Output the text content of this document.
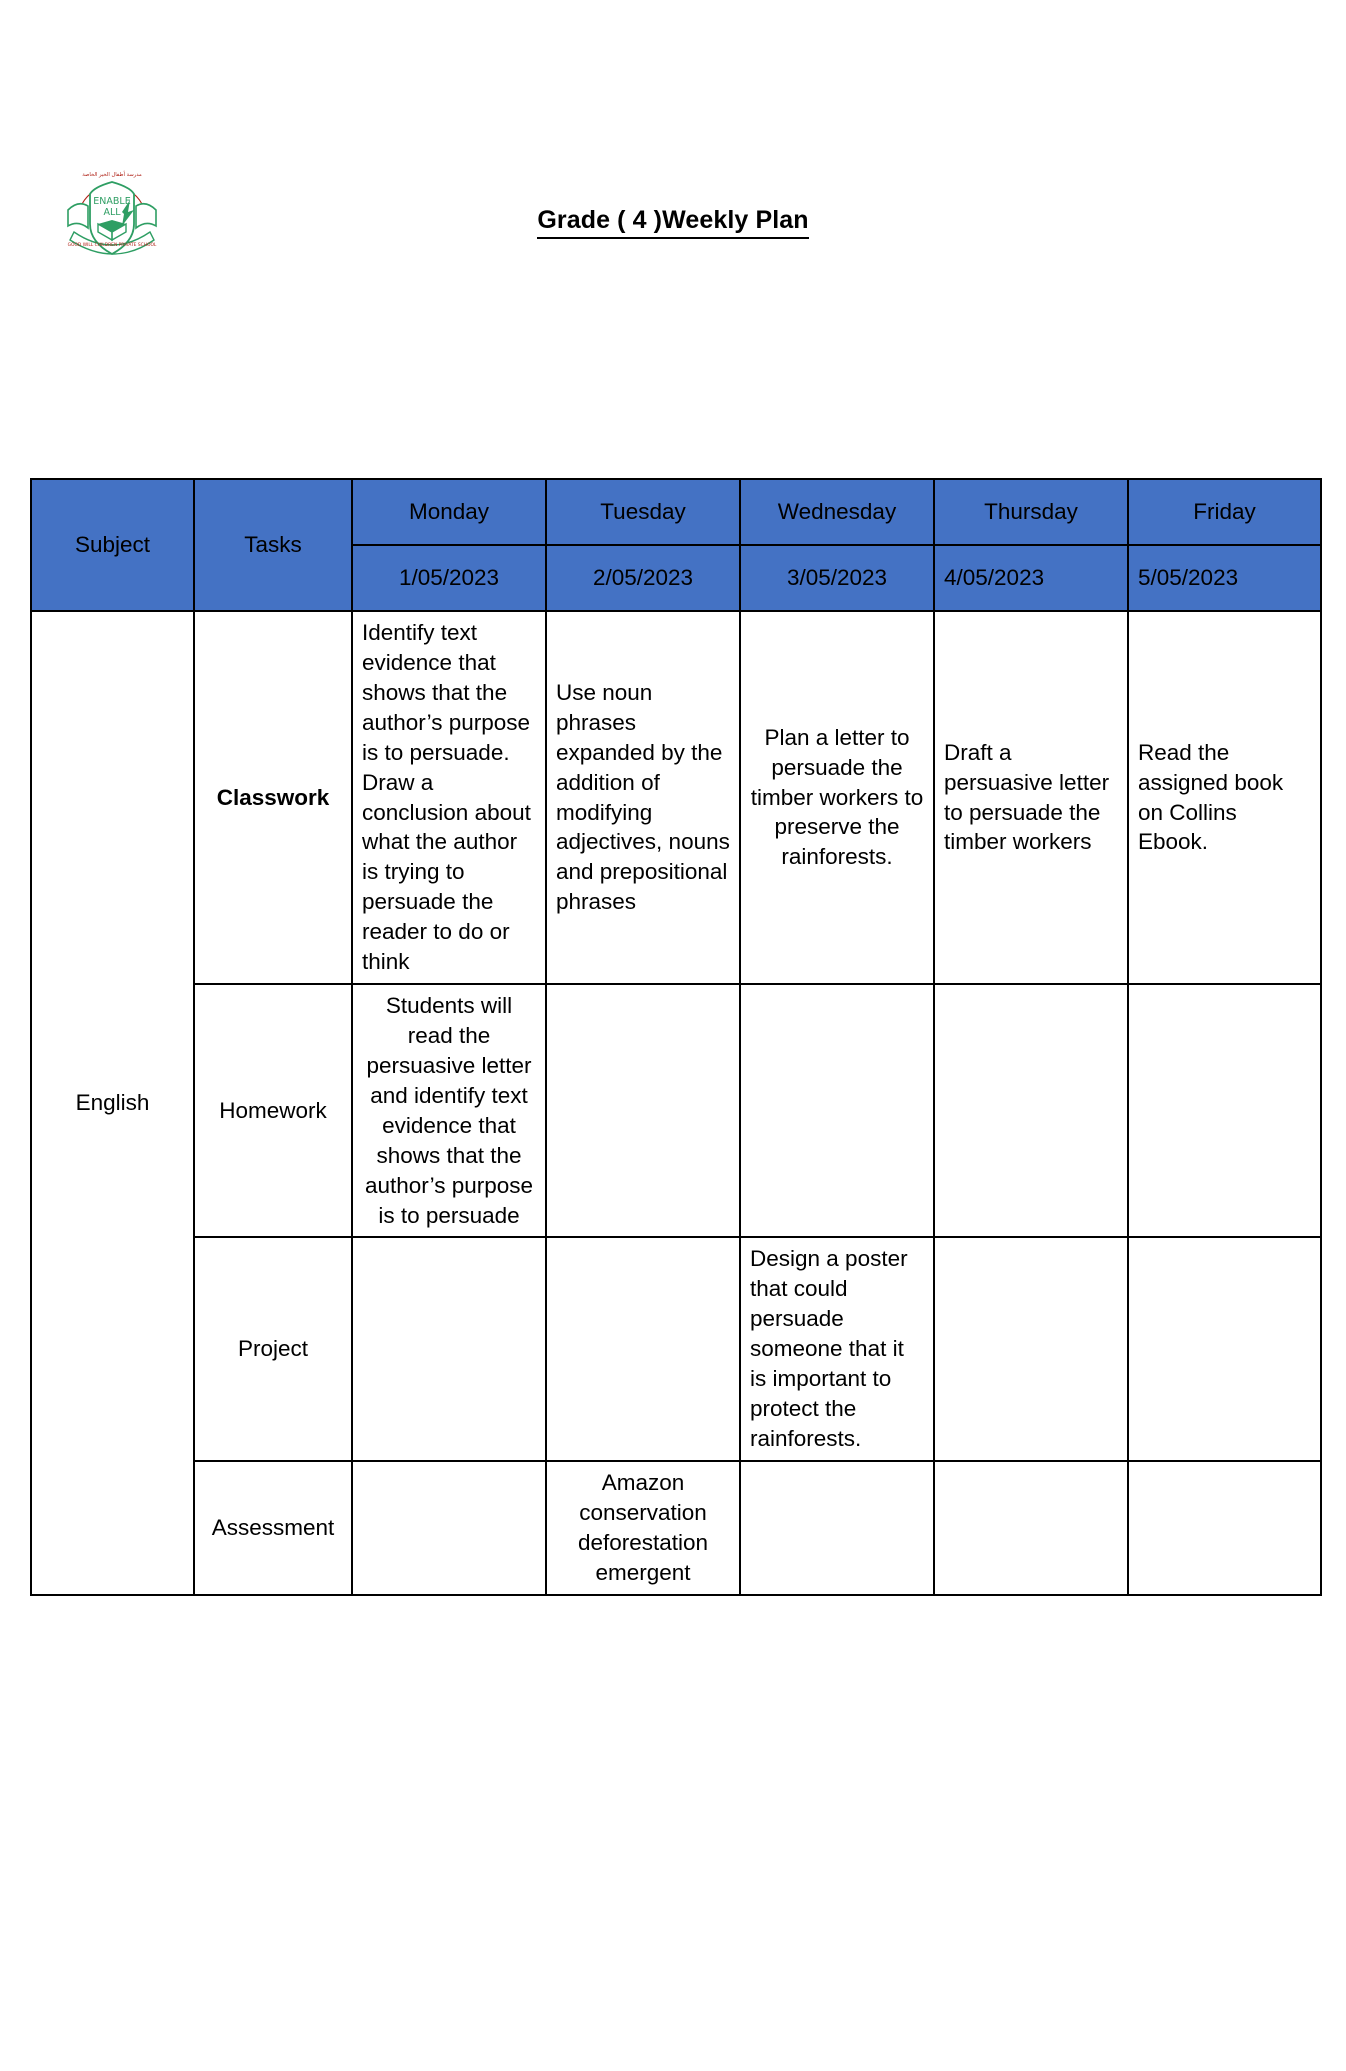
مدرسة أطفال الخير الخاصة
ENABLE
ALL
GOOD WILL CHILDREN PRIVATE SCHOOL
Grade ( 4 )Weekly Plan
Subject	Tasks	Monday	Tuesday	Wednesday	Thursday	Friday
		1/05/2023	2/05/2023	3/05/2023	4/05/2023	5/05/2023
English	Classwork	Identify text evidence that shows that the author’s purpose is to persuade. Draw a conclusion about what the author is trying to persuade the reader to do or think	Use noun phrases expanded by the addition of modifying adjectives, nouns and prepositional phrases	Plan a letter to persuade the timber workers to preserve the rainforests.	Draft a persuasive letter to persuade the timber workers	Read the assigned book on Collins Ebook.
	Homework	Students will read the persuasive letter and identify text evidence that shows that the author’s purpose is to persuade				
	Project			Design a poster that could persuade someone that it is important to protect the rainforests.		
	Assessment		Amazon conservation deforestation emergent			
